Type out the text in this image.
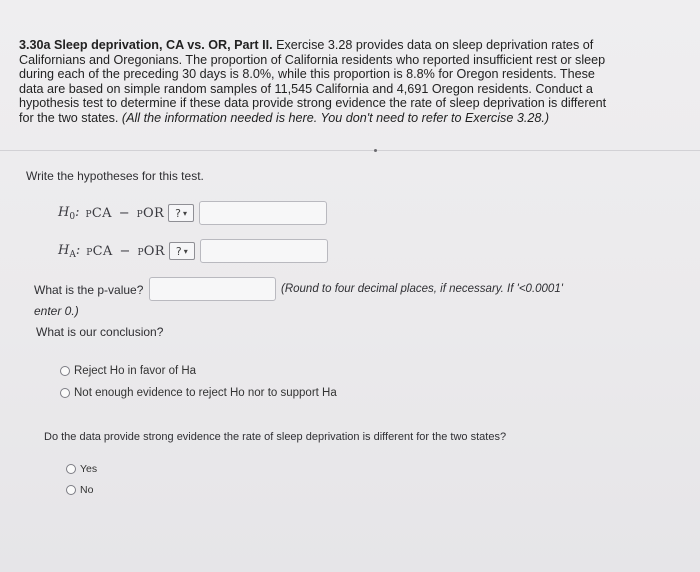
3.30a Sleep deprivation, CA vs. OR, Part II. Exercise 3.28 provides data on sleep deprivation rates of Californians and Oregonians. The proportion of California residents who reported insufficient rest or sleep during each of the preceding 30 days is 8.0%, while this proportion is 8.8% for Oregon residents. These data are based on simple random samples of 11,545 California and 4,691 Oregon residents. Conduct a hypothesis test to determine if these data provide strong evidence the rate of sleep deprivation is different for the two states. (All the information needed is here. You don't need to refer to Exercise 3.28.)
Write the hypotheses for this test.
$H_0$: pCA − pOR ? ▾
$H_A$: pCA − pOR ? ▾
What is the p-value?	(Round to four decimal places, if necessary. If '<0.0001'
enter 0.)
What is our conclusion?
Reject Ho in favor of Ha
Not enough evidence to reject Ho nor to support Ha
Do the data provide strong evidence the rate of sleep deprivation is different for the two states?
Yes
No
